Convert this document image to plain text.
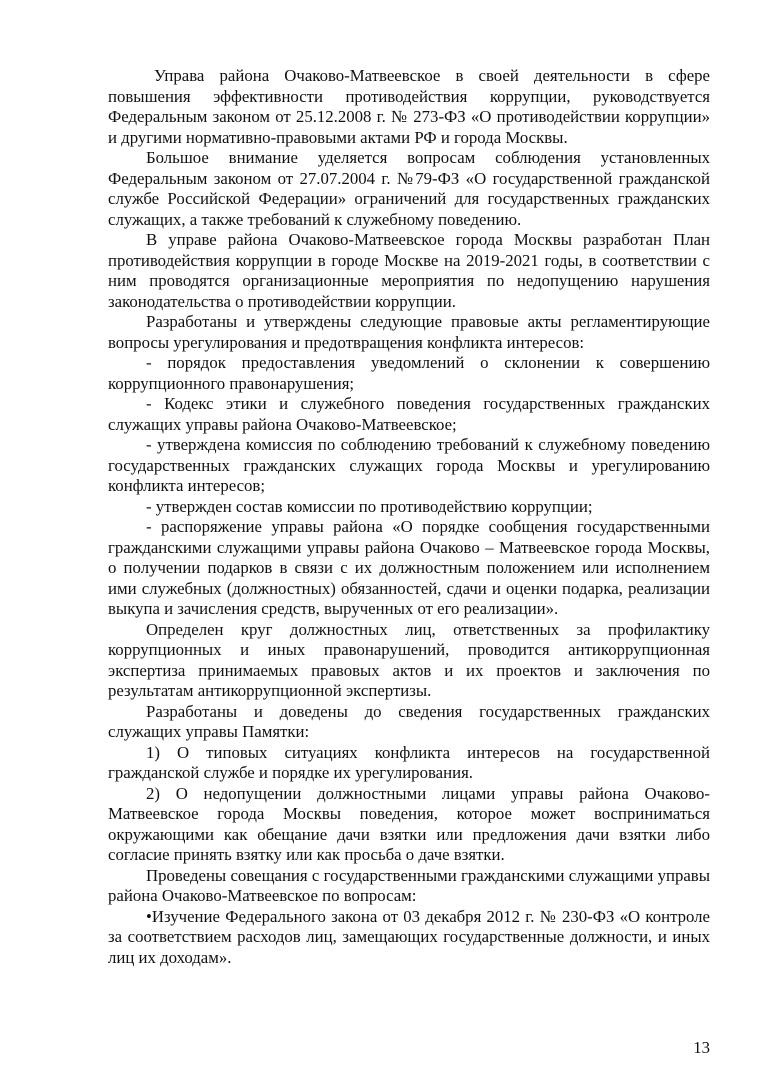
Управа района Очаково-Матвеевское в своей деятельности в сфере повышения эффективности противодействия коррупции, руководствуется Федеральным законом от 25.12.2008 г. № 273-ФЗ «О противодействии коррупции» и другими нормативно-правовыми актами РФ и города Москвы.

Большое внимание уделяется вопросам соблюдения установленных Федеральным законом от 27.07.2004 г. №79-ФЗ «О государственной гражданской службе Российской Федерации» ограничений для государственных гражданских служащих, а также требований к служебному поведению.

В управе района Очаково-Матвеевское города Москвы разработан План противодействия коррупции в городе Москве на 2019-2021 годы, в соответствии с ним проводятся организационные мероприятия по недопущению нарушения законодательства о противодействии коррупции.

Разработаны и утверждены следующие правовые акты регламентирующие вопросы урегулирования и предотвращения конфликта интересов:

- порядок предоставления уведомлений о склонении к совершению коррупционного правонарушения;

- Кодекс этики и служебного поведения государственных гражданских служащих управы района Очаково-Матвеевское;

- утверждена комиссия по соблюдению требований к служебному поведению государственных гражданских служащих города Москвы и урегулированию конфликта интересов;

- утвержден состав комиссии по противодействию коррупции;

- распоряжение управы района «О порядке сообщения государственными гражданскими служащими управы района Очаково – Матвеевское города Москвы, о получении подарков в связи с их должностным положением или исполнением ими служебных (должностных) обязанностей, сдачи и оценки подарка, реализации выкупа и зачисления средств, вырученных от его реализации».

Определен круг должностных лиц, ответственных за профилактику коррупционных и иных правонарушений, проводится антикоррупционная экспертиза принимаемых правовых актов и их проектов и заключения по результатам антикоррупционной экспертизы.

Разработаны и доведены до сведения государственных гражданских служащих управы Памятки:

1) О типовых ситуациях конфликта интересов на государственной гражданской службе и порядке их урегулирования.

2) О недопущении должностными лицами управы района Очаково-Матвеевское города Москвы поведения, которое может восприниматься окружающими как обещание дачи взятки или предложения дачи взятки либо согласие принять взятку или как просьба о даче взятки.

Проведены совещания с государственными гражданскими служащими управы района Очаково-Матвеевское по вопросам:

•Изучение Федерального закона от 03 декабря 2012 г. № 230-ФЗ «О контроле за соответствием расходов лиц, замещающих государственные должности, и иных лиц их доходам».

13
